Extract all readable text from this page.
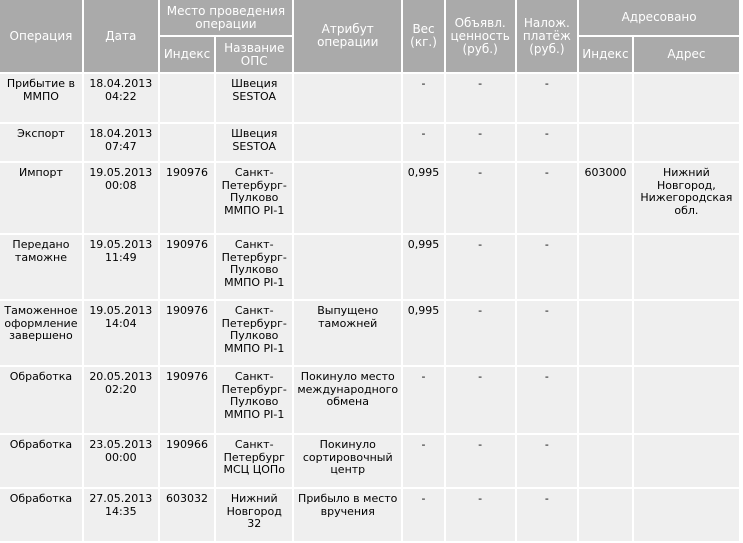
Операция	Дата	Место проведения операции		Атрибут операции	Вес (кг.)	Объявл. ценность (руб.)	Налож. платёж (руб.)	Адресовано	
		Индекс	Название ОПС					Индекс	Адрес
Прибытие в ММПО	18.04.2013 04:22		Швеция SESTOA		-	-	-		
Экспорт	18.04.2013 07:47		Швеция SESTOA		-	-	-		
Импорт	19.05.2013 00:08	190976	Санкт-Петербург-Пулково ММПО PI-1		0,995	-	-	603000	Нижний Новгород, Нижегородская обл.
Передано таможне	19.05.2013 11:49	190976	Санкт-Петербург-Пулково ММПО PI-1		0,995	-	-		
Таможенное оформление завершено	19.05.2013 14:04	190976	Санкт-Петербург-Пулково ММПО PI-1	Выпущено таможней	0,995	-	-		
Обработка	20.05.2013 02:20	190976	Санкт-Петербург-Пулково ММПО PI-1	Покинуло место международного обмена	-	-	-		
Обработка	23.05.2013 00:00	190966	Санкт-Петербург МСЦ ЦОПо	Покинуло сортировочный центр	-	-	-		
Обработка	27.05.2013 14:35	603032	Нижний Новгород 32	Прибыло в место вручения	-	-	-		
